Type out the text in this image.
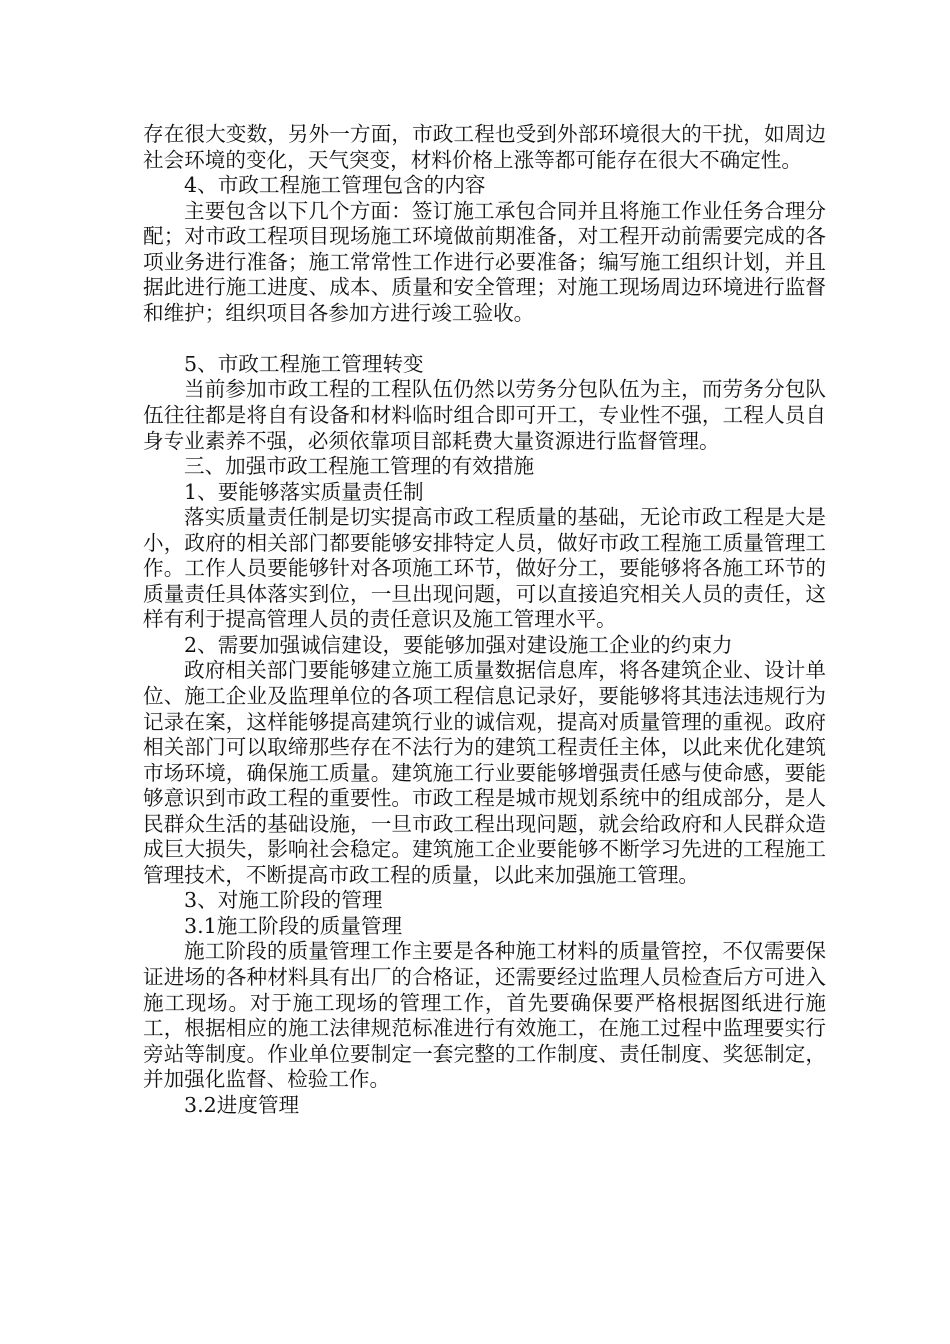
存在很大变数，另外一方面，市政工程也受到外部环境很大的干扰，如周边社会环境的变化，天气突变，材料价格上涨等都可能存在很大不确定性。

4、市政工程施工管理包含的内容

主要包含以下几个方面：签订施工承包合同并且将施工作业任务合理分配；对市政工程项目现场施工环境做前期准备，对工程开动前需要完成的各项业务进行准备；施工常常性工作进行必要准备；编写施工组织计划，并且据此进行施工进度、成本、质量和安全管理；对施工现场周边环境进行监督和维护；组织项目各参加方进行竣工验收。

5、市政工程施工管理转变

当前参加市政工程的工程队伍仍然以劳务分包队伍为主，而劳务分包队伍往往都是将自有设备和材料临时组合即可开工，专业性不强，工程人员自身专业素养不强，必须依靠项目部耗费大量资源进行监督管理。

三、加强市政工程施工管理的有效措施

1、要能够落实质量责任制

落实质量责任制是切实提高市政工程质量的基础，无论市政工程是大是小，政府的相关部门都要能够安排特定人员，做好市政工程施工质量管理工作。工作人员要能够针对各项施工环节，做好分工，要能够将各施工环节的质量责任具体落实到位，一旦出现问题，可以直接追究相关人员的责任，这样有利于提高管理人员的责任意识及施工管理水平。

2、需要加强诚信建设，要能够加强对建设施工企业的约束力

政府相关部门要能够建立施工质量数据信息库，将各建筑企业、设计单位、施工企业及监理单位的各项工程信息记录好，要能够将其违法违规行为记录在案，这样能够提高建筑行业的诚信观，提高对质量管理的重视。政府相关部门可以取缔那些存在不法行为的建筑工程责任主体，以此来优化建筑市场环境，确保施工质量。建筑施工行业要能够增强责任感与使命感，要能够意识到市政工程的重要性。市政工程是城市规划系统中的组成部分，是人民群众生活的基础设施，一旦市政工程出现问题，就会给政府和人民群众造成巨大损失，影响社会稳定。建筑施工企业要能够不断学习先进的工程施工管理技术，不断提高市政工程的质量，以此来加强施工管理。

3、对施工阶段的管理

3.1施工阶段的质量管理

施工阶段的质量管理工作主要是各种施工材料的质量管控，不仅需要保证进场的各种材料具有出厂的合格证，还需要经过监理人员检查后方可进入施工现场。对于施工现场的管理工作，首先要确保要严格根据图纸进行施工，根据相应的施工法律规范标准进行有效施工，在施工过程中监理要实行旁站等制度。作业单位要制定一套完整的工作制度、责任制度、奖惩制定，并加强化监督、检验工作。

3.2进度管理
